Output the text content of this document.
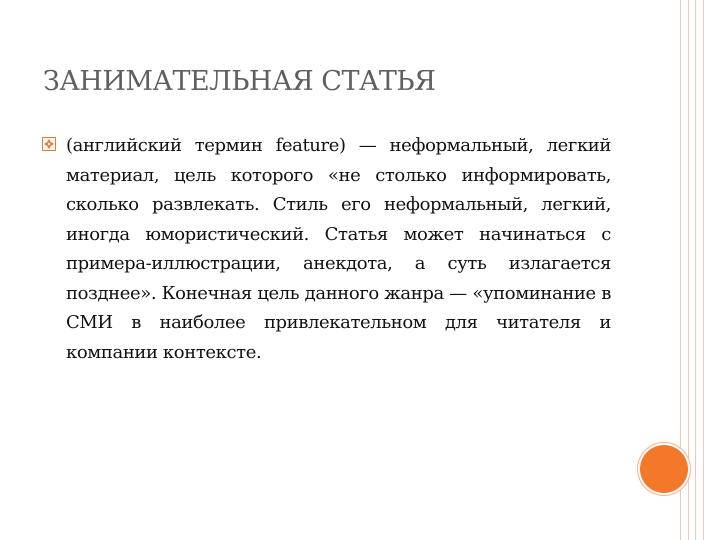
ЗАНИМАТЕЛЬНАЯ СТАТЬЯ

(английский термин feature) — неформальный, легкий материал, цель которого «не столько информировать, сколько развлекать. Стиль его неформальный, легкий, иногда юмористический. Статья может начинаться с примера-иллюстрации, анекдота, а суть излагается позднее». Конечная цель данного жанра — «упоминание в СМИ в наиболее привлекательном для читателя и компании контексте.
